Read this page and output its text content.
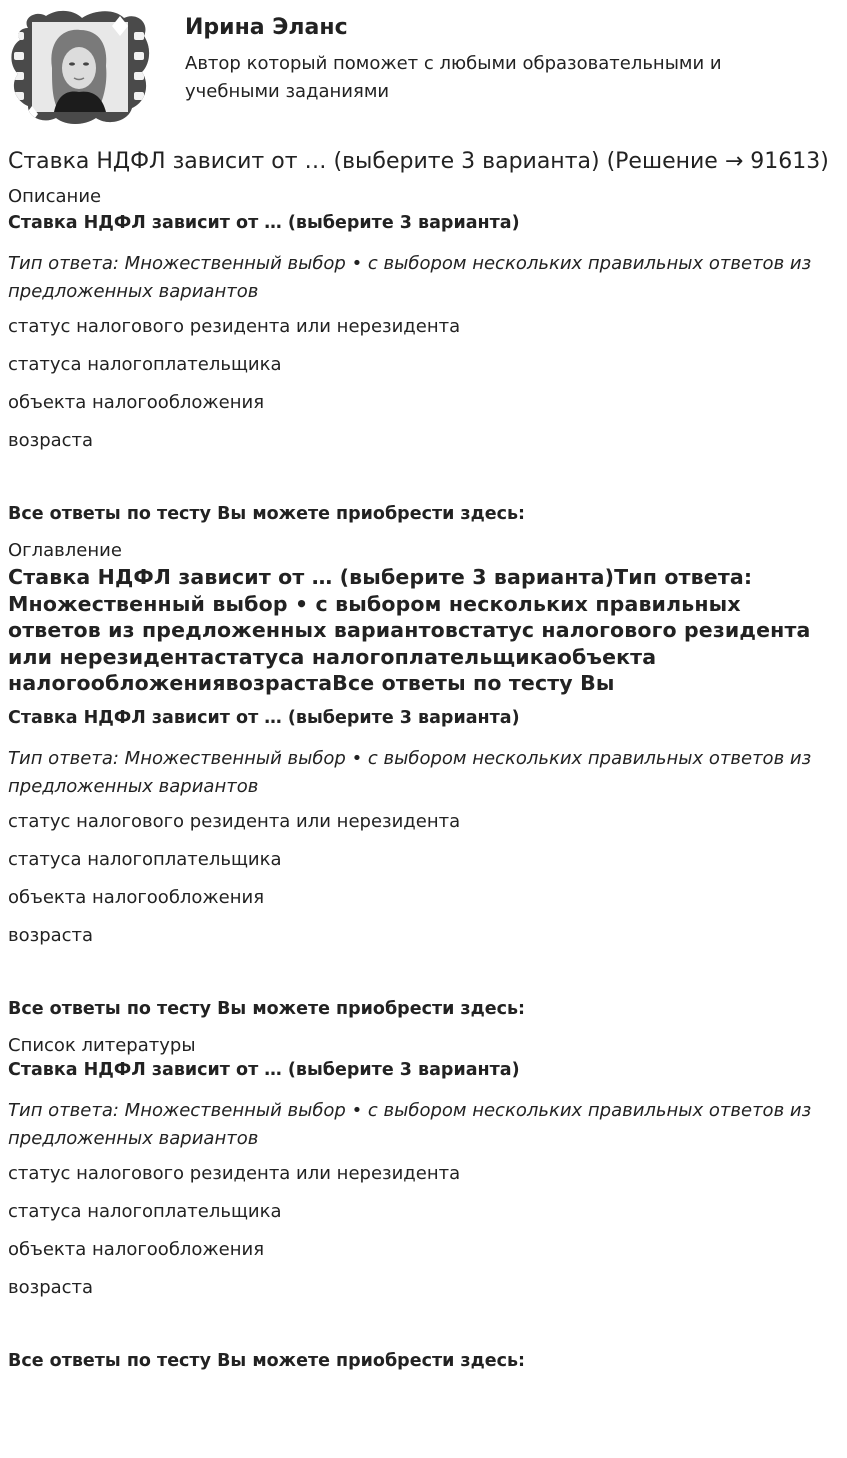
Ирина Эланс
Автор который поможет с любыми образовательными и учебными заданиями
Ставка НДФЛ зависит от … (выберите 3 варианта) (Решение → 91613)
Описание
Ставка НДФЛ зависит от … (выберите 3 варианта)
Тип ответа: Множественный выбор • с выбором нескольких правильных ответов из предложенных вариантов
статус налогового резидента или нерезидента
статуса налогоплательщика
объекта налогообложения
возраста
Все ответы по тесту Вы можете приобрести здесь:
Оглавление
Ставка НДФЛ зависит от … (выберите 3 варианта)Тип ответа: Множественный выбор • с выбором нескольких правильных ответов из предложенных вариантовстатус налогового резидента или нерезидентастатуса налогоплательщикаобъекта налогообложениявозрастаВсе ответы по тесту Вы
Ставка НДФЛ зависит от … (выберите 3 варианта)
Тип ответа: Множественный выбор • с выбором нескольких правильных ответов из предложенных вариантов
статус налогового резидента или нерезидента
статуса налогоплательщика
объекта налогообложения
возраста
Все ответы по тесту Вы можете приобрести здесь:
Список литературы
Ставка НДФЛ зависит от … (выберите 3 варианта)
Тип ответа: Множественный выбор • с выбором нескольких правильных ответов из предложенных вариантов
статус налогового резидента или нерезидента
статуса налогоплательщика
объекта налогообложения
возраста
Все ответы по тесту Вы можете приобрести здесь:
